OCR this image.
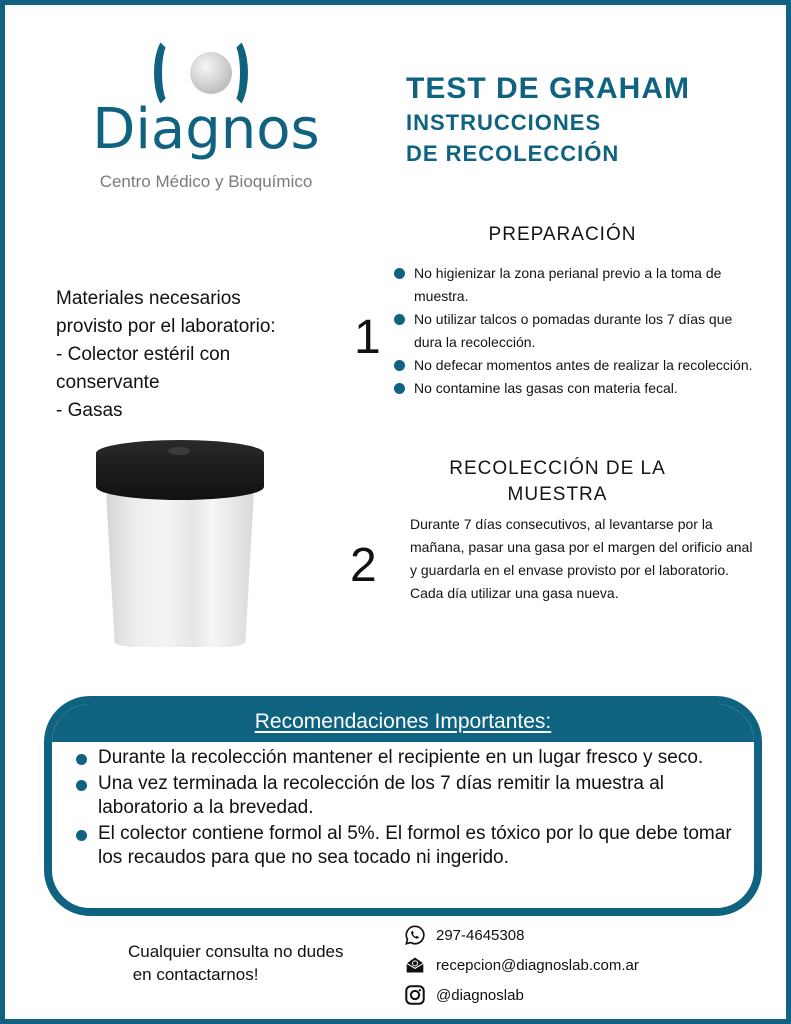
Diagnos
Centro Médico y Bioquímico
TEST DE GRAHAM
INSTRUCCIONES
DE RECOLECCIÓN
Materiales necesarios
provisto por el laboratorio:
- Colector estéril con
conservante
- Gasas
PREPARACIÓN
1
No higienizar la zona perianal previo a la toma de muestra.
No utilizar talcos o pomadas durante los 7 días que dura la recolección.
No defecar momentos antes de realizar la recolección.
No contamine las gasas con materia fecal.
RECOLECCIÓN DE LA
MUESTRA
2
Durante 7 días consecutivos, al levantarse por la mañana, pasar una gasa por el margen del orificio anal y guardarla en el envase provisto por el laboratorio.
Cada día utilizar una gasa nueva.
Recomendaciones Importantes:
Durante la recolección mantener el recipiente en un lugar fresco y seco.
Una vez terminada la recolección de los 7 días remitir la muestra al laboratorio a la brevedad.
El colector contiene formol al 5%. El formol es tóxico por lo que debe tomar los recaudos para que no sea tocado ni ingerido.
Cualquier consulta no dudes
en contactarnos!
297-4645308
recepcion@diagnoslab.com.ar
@diagnoslab
